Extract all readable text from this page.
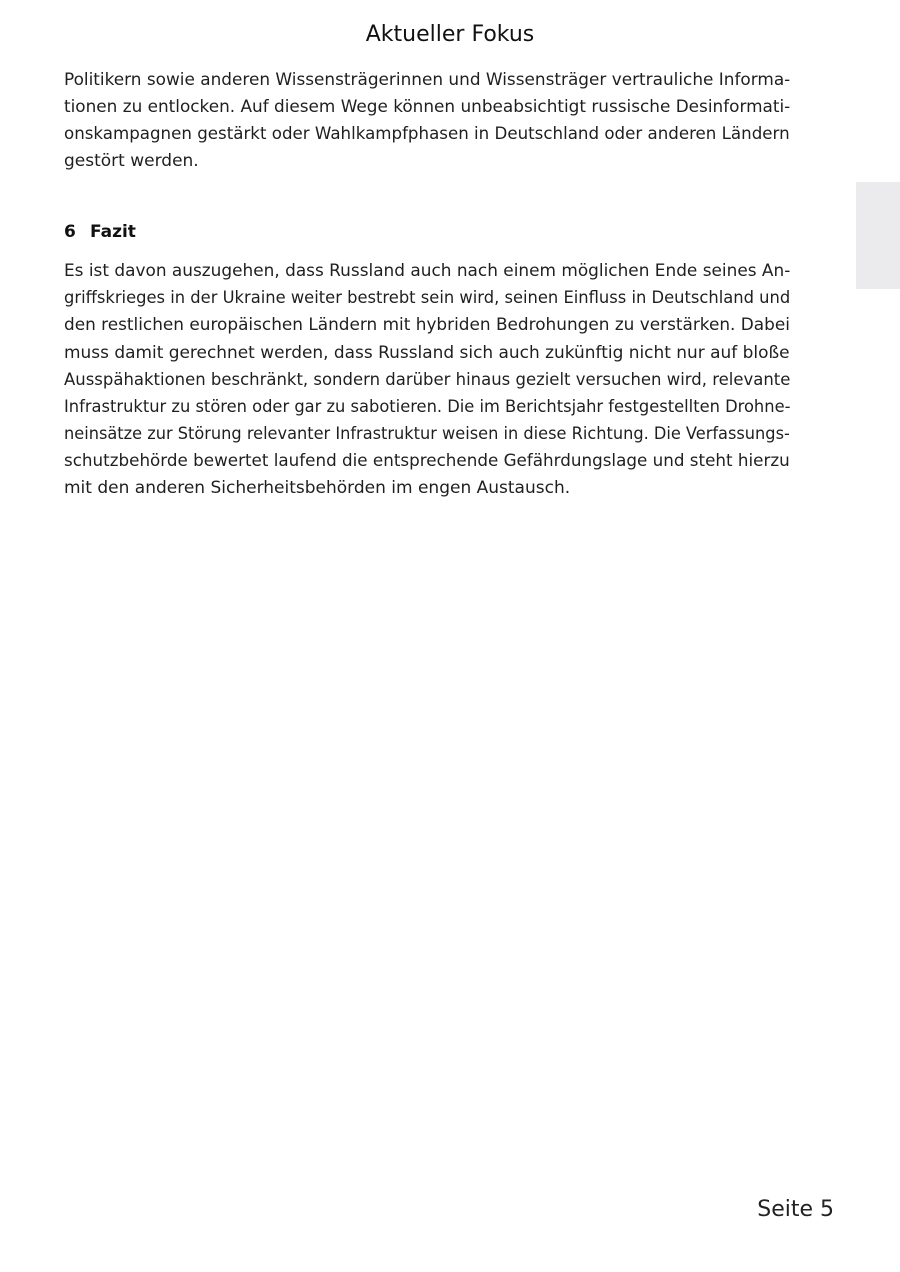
Aktueller Fokus
Politikern sowie anderen Wissensträgerinnen und Wissensträger vertrauliche Informa-
tionen zu entlocken. Auf diesem Wege können unbeabsichtigt russische Desinformati-
onskampagnen gestärkt oder Wahlkampfphasen in Deutschland oder anderen Ländern
gestört werden.
6 Fazit
Es ist davon auszugehen, dass Russland auch nach einem möglichen Ende seines An-
griffskrieges in der Ukraine weiter bestrebt sein wird, seinen Einfluss in Deutschland und
den restlichen europäischen Ländern mit hybriden Bedrohungen zu verstärken. Dabei
muss damit gerechnet werden, dass Russland sich auch zukünftig nicht nur auf bloße
Ausspähaktionen beschränkt, sondern darüber hinaus gezielt versuchen wird, relevante
Infrastruktur zu stören oder gar zu sabotieren. Die im Berichtsjahr festgestellten Drohne-
neinsätze zur Störung relevanter Infrastruktur weisen in diese Richtung. Die Verfassungs-
schutzbehörde bewertet laufend die entsprechende Gefährdungslage und steht hierzu
mit den anderen Sicherheitsbehörden im engen Austausch.
Seite 5
